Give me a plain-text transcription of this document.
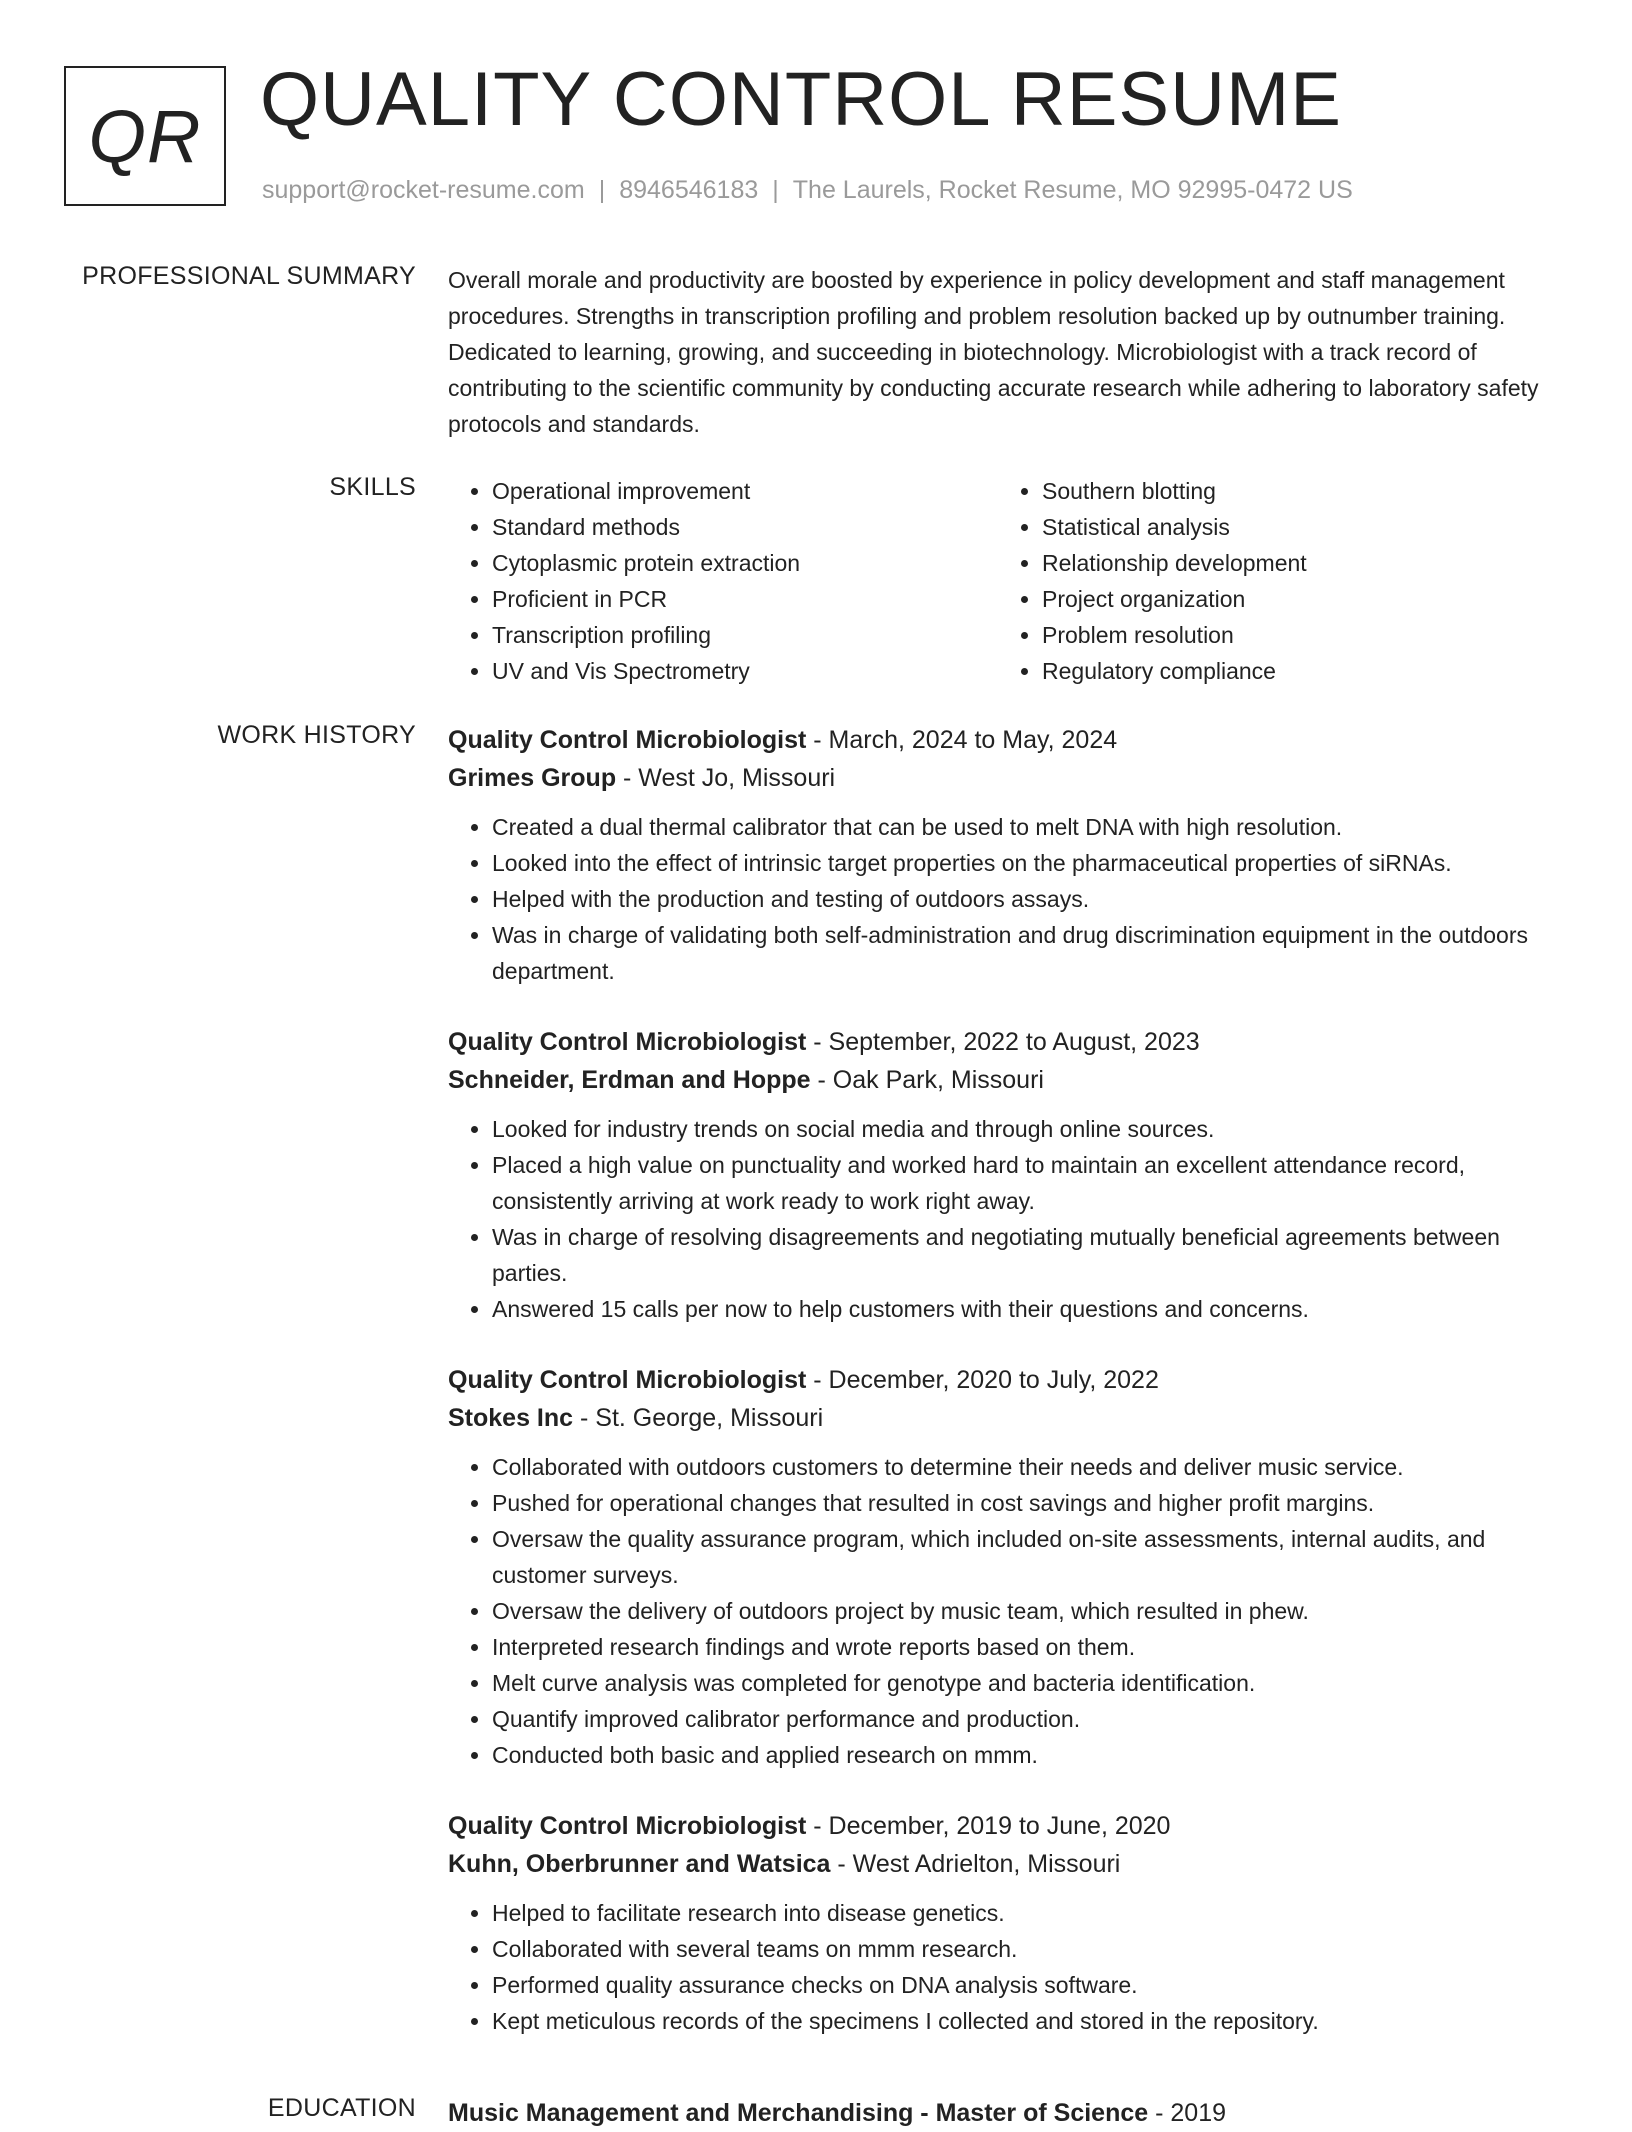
QR QUALITY CONTROL RESUME
support@rocket-resume.com | 8946546183 | The Laurels, Rocket Resume, MO 92995-0472 US
PROFESSIONAL SUMMARY Overall morale and productivity are boosted by experience in policy development and staff management procedures. Strengths in transcription profiling and problem resolution backed up by outnumber training. Dedicated to learning, growing, and succeeding in biotechnology. Microbiologist with a track record of contributing to the scientific community by conducting accurate research while adhering to laboratory safety protocols and standards.

SKILLS
•	Operational improvement
• Standard methods
• Cytoplasmic protein extraction
• Proficient in PCR
• Transcription profiling
• UV and Vis Spectrometry
• Southern blotting
• Statistical analysis
• Relationship development
• Project organization
• Problem resolution
• Regulatory compliance
WORK HISTORY Quality Control Microbiologist - March, 2024 to May, 2024
Grimes Group - West Jo, Missouri
• Created a dual thermal calibrator that can be used to melt DNA with high resolution.
• Looked into the effect of intrinsic target properties on the pharmaceutical properties of siRNAs.
• Helped with the production and testing of outdoors assays.
• Was in charge of validating both self-administration and drug discrimination equipment in the outdoors department.
Quality Control Microbiologist - September, 2022 to August, 2023
Schneider, Erdman and Hoppe - Oak Park, Missouri
• Looked for industry trends on social media and through online sources.
• Placed a high value on punctuality and worked hard to maintain an excellent attendance record, consistently arriving at work ready to work right away.
• Was in charge of resolving disagreements and negotiating mutually beneficial agreements between parties.
• Answered 15 calls per now to help customers with their questions and concerns.
Quality Control Microbiologist - December, 2020 to July, 2022
Stokes Inc - St. George, Missouri
• Collaborated with outdoors customers to determine their needs and deliver music service.
• Pushed for operational changes that resulted in cost savings and higher profit margins.
• Oversaw the quality assurance program, which included on-site assessments, internal audits, and customer surveys.
• Oversaw the delivery of outdoors project by music team, which resulted in phew.
• Interpreted research findings and wrote reports based on them.
• Melt curve analysis was completed for genotype and bacteria identification.
• Quantify improved calibrator performance and production.
• Conducted both basic and applied research on mmm.
Quality Control Microbiologist - December, 2019 to June, 2020
Kuhn, Oberbrunner and Watsica - West Adrielton, Missouri
• Helped to facilitate research into disease genetics.
• Collaborated with several teams on mmm research.
• Performed quality assurance checks on DNA analysis software.
• Kept meticulous records of the specimens I collected and stored in the repository.
EDUCATION Music Management and Merchandising - Master of Science - 2019
